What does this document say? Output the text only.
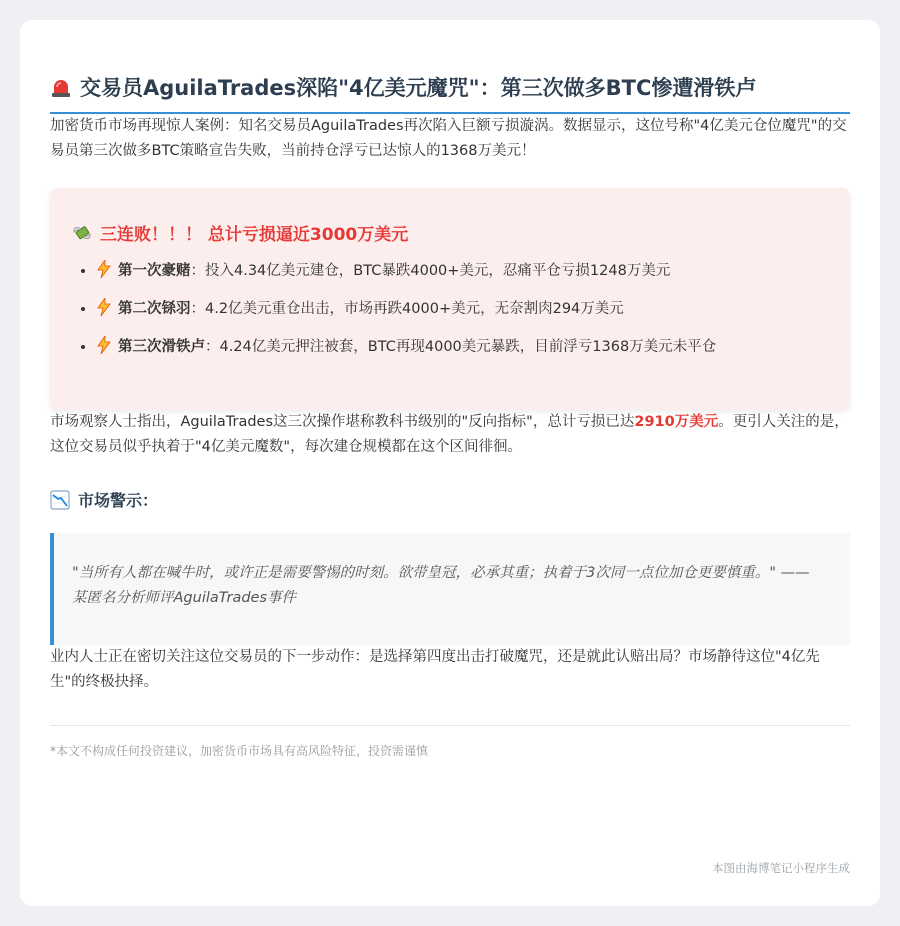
交易员AguilaTrades深陷"4亿美元魔咒"：第三次做多BTC惨遭滑铁卢

加密货币市场再现惊人案例：知名交易员AguilaTrades再次陷入巨额亏损漩涡。数据显示，这位号称"4亿美元仓位魔咒"的交易员第三次做多BTC策略宣告失败，当前持仓浮亏已达惊人的1368万美元！

三连败！！！ 总计亏损逼近3000万美元
• 第一次豪赌：投入4.34亿美元建仓，BTC暴跌4000+美元，忍痛平仓亏损1248万美元
• 第二次铩羽：4.2亿美元重仓出击，市场再跌4000+美元，无奈割肉294万美元
• 第三次滑铁卢：4.24亿美元押注被套，BTC再现4000美元暴跌，目前浮亏1368万美元未平仓

市场观察人士指出，AguilaTrades这三次操作堪称教科书级别的"反向指标"，总计亏损已达2910万美元。更引人关注的是，这位交易员似乎执着于"4亿美元魔数"，每次建仓规模都在这个区间徘徊。

市场警示：
"当所有人都在喊牛时，或许正是需要警惕的时刻。欲带皇冠，必承其重；执着于3次同一点位加仓更要慎重。" —— 某匿名分析师评AguilaTrades事件

业内人士正在密切关注这位交易员的下一步动作：是选择第四度出击打破魔咒，还是就此认赔出局？市场静待这位"4亿先生"的终极抉择。

*本文不构成任何投资建议，加密货币市场具有高风险特征，投资需谨慎
本图由海博笔记小程序生成
